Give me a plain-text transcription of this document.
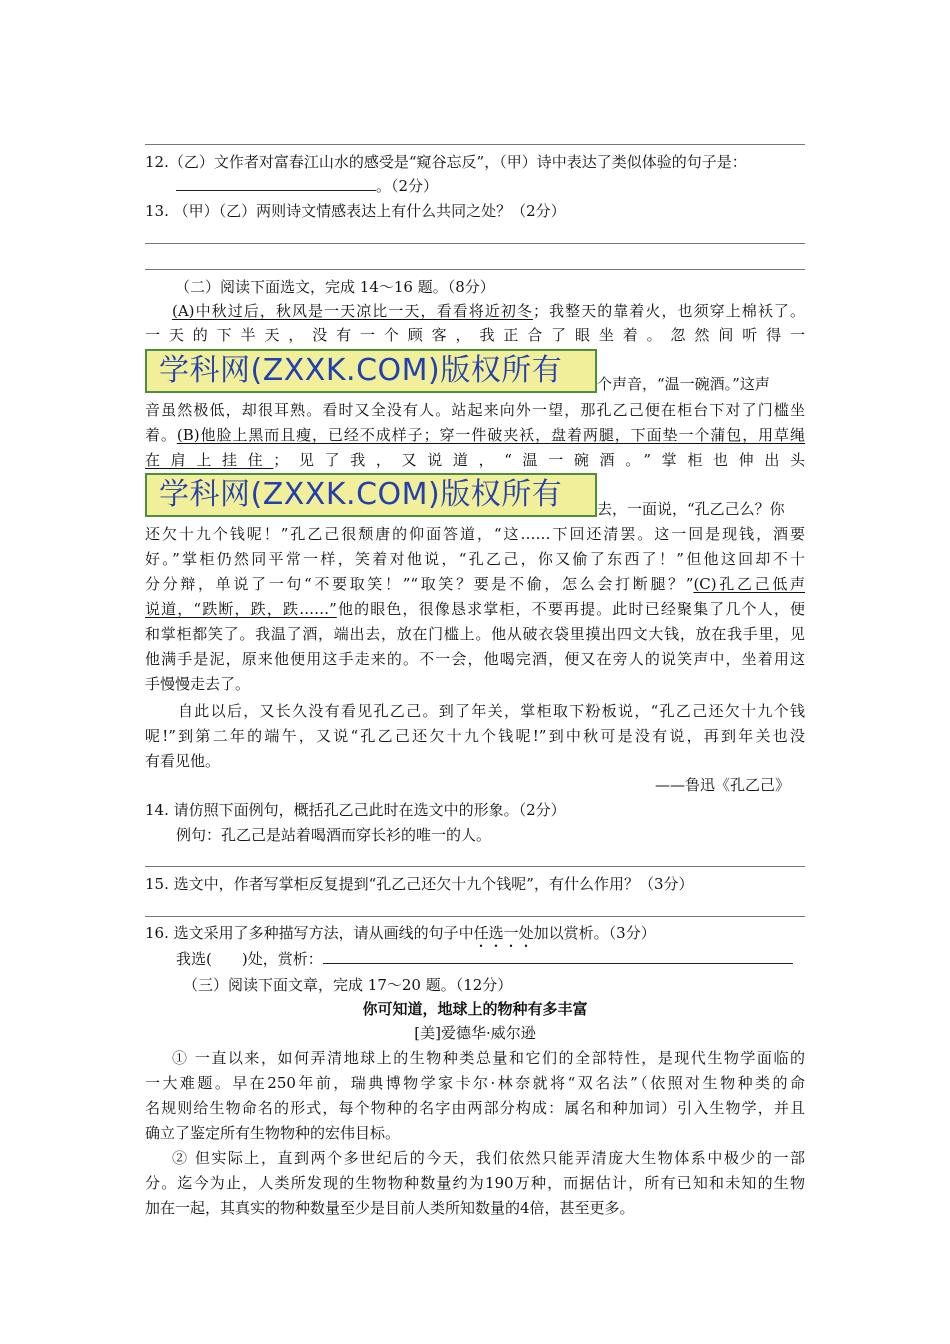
12.（乙）文作者对富春江山水的感受是“窥谷忘反”，（甲）诗中表达了类似体验的句子是：
。（2分）
13. （甲）（乙）两则诗文情感表达上有什么共同之处？（2分）
（二）阅读下面选文，完成 14～16 题。（8分）
(A)中秋过后，秋风是一天凉比一天，看看将近初冬；我整天的靠着火，也须穿上棉袄了。
一天的下半天，没有一个顾客，我正合了眼坐着。忽然间听得一
学科网(ZXXK.COM)版权所有	个声音，“温一碗酒。”这声
音虽然极低，却很耳熟。看时又全没有人。站起来向外一望，那孔乙己便在柜台下对了门槛坐
着。(B)他脸上黑而且瘦，已经不成样子；穿一件破夹袄，盘着两腿，下面垫一个蒲包，用草绳
在肩上挂住；见了我，又说道，“温一碗酒。”掌柜也伸出头
学科网(ZXXK.COM)版权所有	去，一面说，“孔乙己么？你
还欠十九个钱呢！”孔乙己很颓唐的仰面答道，“这……下回还清罢。这一回是现钱，酒要
好。”掌柜仍然同平常一样，笑着对他说，“孔乙己，你又偷了东西了！”但他这回却不十
分分辩，单说了一句“不要取笑！”“取笑？要是不偷，怎么会打断腿？”(C)孔乙己低声
说道，“跌断，跌，跌……”他的眼色，很像恳求掌柜，不要再提。此时已经聚集了几个人，便
和掌柜都笑了。我温了酒，端出去，放在门槛上。他从破衣袋里摸出四文大钱，放在我手里，见
他满手是泥，原来他便用这手走来的。不一会，他喝完酒，便又在旁人的说笑声中，坐着用这
手慢慢走去了。
自此以后，又长久没有看见孔乙己。到了年关，掌柜取下粉板说，“孔乙己还欠十九个钱
呢!”到第二年的端午，又说“孔乙己还欠十九个钱呢!”到中秋可是没有说，再到年关也没
有看见他。
——鲁迅《孔乙己》
14. 请仿照下面例句，概括孔乙己此时在选文中的形象。（2分）
例句：孔乙己是站着喝酒而穿长衫的唯一的人。
15. 选文中，作者写掌柜反复提到“孔乙己还欠十九个钱呢”，有什么作用？（3分）
16. 选文采用了多种描写方法，请从画线的句子中任选一处加以赏析。（3分）
我选(　　)处，赏析：
（三）阅读下面文章，完成 17～20 题。（12分）
你可知道，地球上的物种有多丰富
[美]爱德华·威尔逊
① 一直以来，如何弄清地球上的生物种类总量和它们的全部特性，是现代生物学面临的
一大难题。早在250年前，瑞典博物学家卡尔·林奈就将“双名法”（依照对生物种类的命
名规则给生物命名的形式，每个物种的名字由两部分构成：属名和种加词）引入生物学，并且
确立了鉴定所有生物物种的宏伟目标。
② 但实际上，直到两个多世纪后的今天，我们依然只能弄清庞大生物体系中极少的一部
分。迄今为止，人类所发现的生物物种数量约为190万种，而据估计，所有已知和未知的生物
加在一起，其真实的物种数量至少是目前人类所知数量的4倍，甚至更多。
